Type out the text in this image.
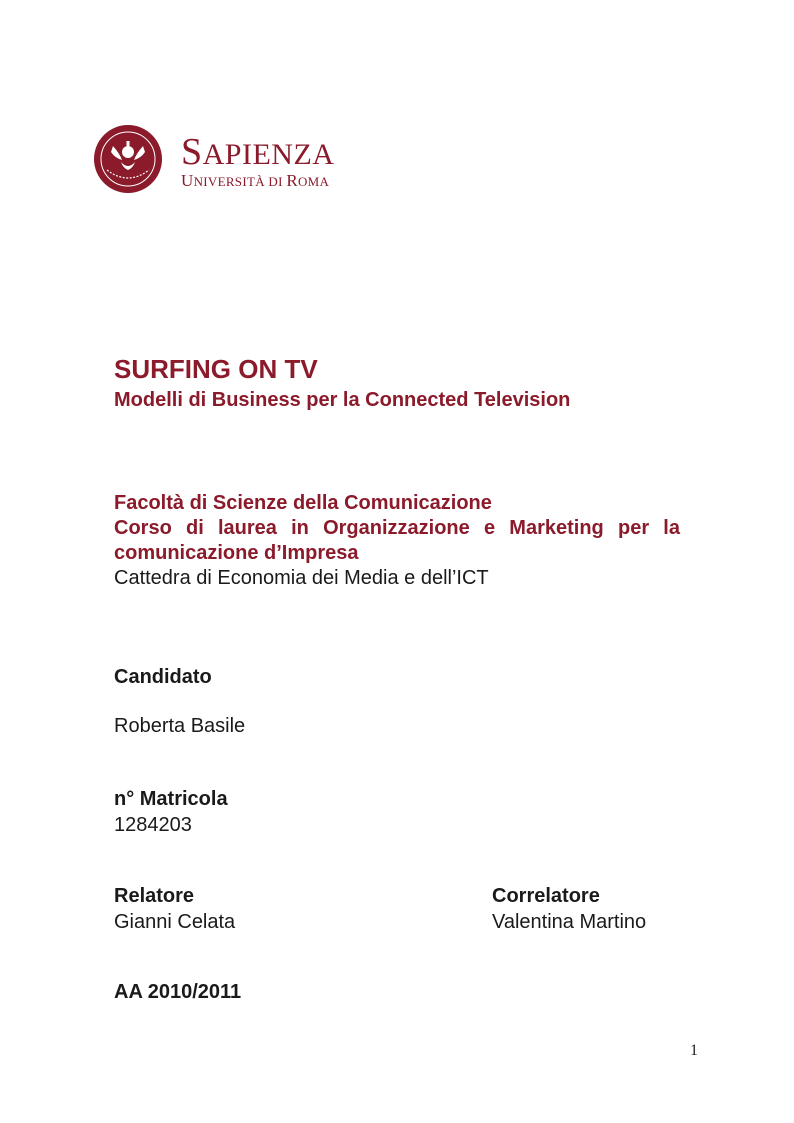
SAPIENZA
UNIVERSITÀ DI ROMA
SURFING ON TV
Modelli di Business per la Connected Television
Facoltà di Scienze della Comunicazione
Corso di laurea in Organizzazione e Marketing per la
comunicazione d’Impresa
Cattedra di Economia dei Media e dell’ICT
Candidato
Roberta Basile
n° Matricola
1284203
Relatore
Gianni Celata
Correlatore
Valentina Martino
AA 2010/2011
1
